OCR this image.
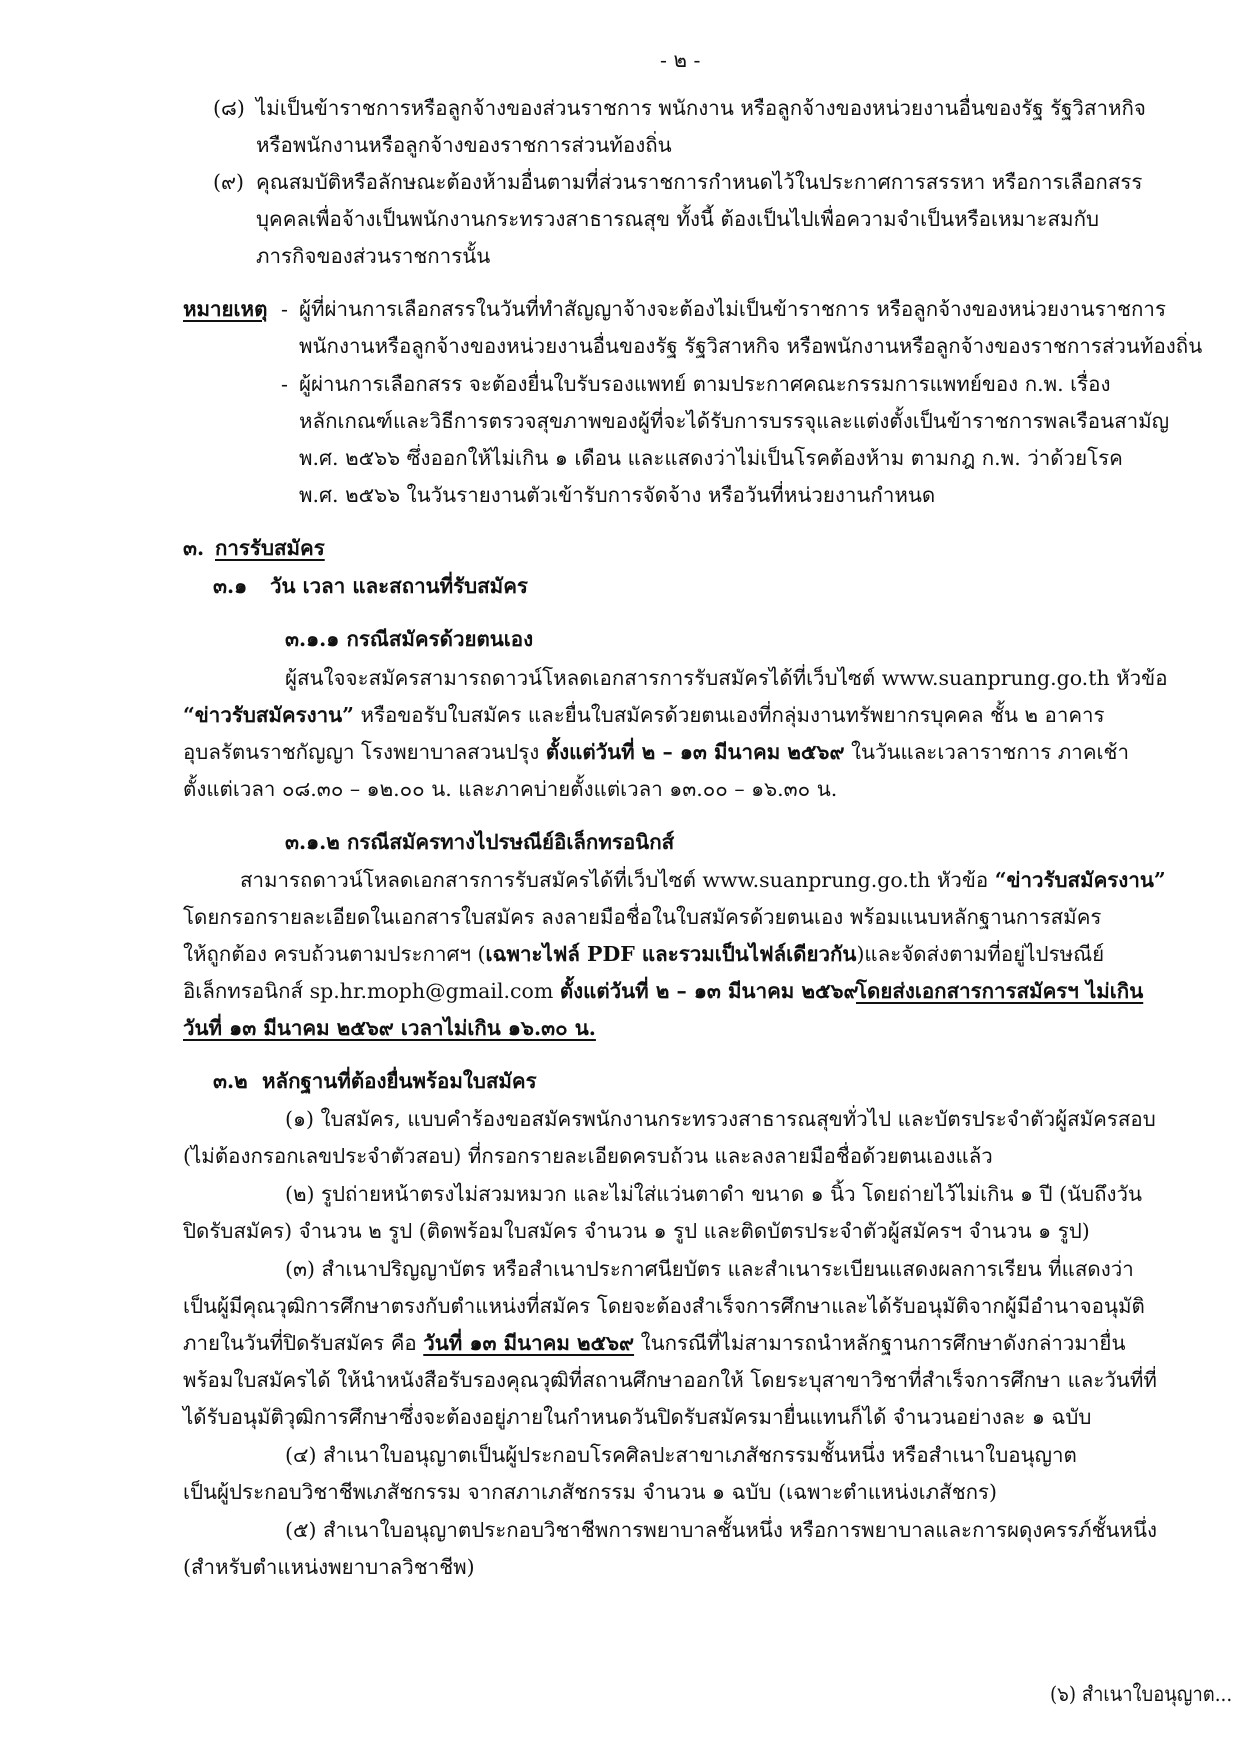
- ๒ -
(๘) ไม่เป็นข้าราชการหรือลูกจ้างของส่วนราชการ พนักงาน หรือลูกจ้างของหน่วยงานอื่นของรัฐ รัฐวิสาหกิจ
หรือพนักงานหรือลูกจ้างของราชการส่วนท้องถิ่น
(๙) คุณสมบัติหรือลักษณะต้องห้ามอื่นตามที่ส่วนราชการกำหนดไว้ในประกาศการสรรหา หรือการเลือกสรร
บุคคลเพื่อจ้างเป็นพนักงานกระทรวงสาธารณสุข ทั้งนี้ ต้องเป็นไปเพื่อความจำเป็นหรือเหมาะสมกับ
ภารกิจของส่วนราชการนั้น
หมายเหตุ - ผู้ที่ผ่านการเลือกสรรในวันที่ทำสัญญาจ้างจะต้องไม่เป็นข้าราชการ หรือลูกจ้างของหน่วยงานราชการ
พนักงานหรือลูกจ้างของหน่วยงานอื่นของรัฐ รัฐวิสาหกิจ หรือพนักงานหรือลูกจ้างของราชการส่วนท้องถิ่น
- ผู้ผ่านการเลือกสรร จะต้องยื่นใบรับรองแพทย์ ตามประกาศคณะกรรมการแพทย์ของ ก.พ. เรื่อง
หลักเกณฑ์และวิธีการตรวจสุขภาพของผู้ที่จะได้รับการบรรจุและแต่งตั้งเป็นข้าราชการพลเรือนสามัญ
พ.ศ. ๒๕๖๖ ซึ่งออกให้ไม่เกิน ๑ เดือน และแสดงว่าไม่เป็นโรคต้องห้าม ตามกฎ ก.พ. ว่าด้วยโรค
พ.ศ. ๒๕๖๖ ในวันรายงานตัวเข้ารับการจัดจ้าง หรือวันที่หน่วยงานกำหนด
๓. การรับสมัคร
๓.๑ วัน เวลา และสถานที่รับสมัคร
๓.๑.๑ กรณีสมัครด้วยตนเอง
ผู้สนใจจะสมัครสามารถดาวน์โหลดเอกสารการรับสมัครได้ที่เว็บไซต์ www.suanprung.go.th หัวข้อ
“ข่าวรับสมัครงาน” หรือขอรับใบสมัคร และยื่นใบสมัครด้วยตนเองที่กลุ่มงานทรัพยากรบุคคล ชั้น ๒ อาคาร
อุบลรัตนราชกัญญา โรงพยาบาลสวนปรุง ตั้งแต่วันที่ ๒ – ๑๓ มีนาคม ๒๕๖๙ ในวันและเวลาราชการ ภาคเช้า
ตั้งแต่เวลา ๐๘.๓๐ – ๑๒.๐๐ น. และภาคบ่ายตั้งแต่เวลา ๑๓.๐๐ – ๑๖.๓๐ น.
๓.๑.๒ กรณีสมัครทางไปรษณีย์อิเล็กทรอนิกส์
สามารถดาวน์โหลดเอกสารการรับสมัครได้ที่เว็บไซต์ www.suanprung.go.th หัวข้อ “ข่าวรับสมัครงาน”
โดยกรอกรายละเอียดในเอกสารใบสมัคร ลงลายมือชื่อในใบสมัครด้วยตนเอง พร้อมแนบหลักฐานการสมัคร
ให้ถูกต้อง ครบถ้วนตามประกาศฯ (เฉพาะไฟล์ PDF และรวมเป็นไฟล์เดียวกัน)และจัดส่งตามที่อยู่ไปรษณีย์
อิเล็กทรอนิกส์ sp.hr.moph@gmail.com ตั้งแต่วันที่ ๒ – ๑๓ มีนาคม ๒๕๖๙
โดยส่งเอกสารการสมัครฯ ไม่เกิน
วันที่ ๑๓ มีนาคม ๒๕๖๙ เวลาไม่เกิน ๑๖.๓๐ น.
๓.๒ หลักฐานที่ต้องยื่นพร้อมใบสมัคร
(๑) ใบสมัคร, แบบคำร้องขอสมัครพนักงานกระทรวงสาธารณสุขทั่วไป และบัตรประจำตัวผู้สมัครสอบ
(ไม่ต้องกรอกเลขประจำตัวสอบ) ที่กรอกรายละเอียดครบถ้วน และลงลายมือชื่อด้วยตนเองแล้ว
(๒) รูปถ่ายหน้าตรงไม่สวมหมวก และไม่ใส่แว่นตาดำ ขนาด ๑ นิ้ว โดยถ่ายไว้ไม่เกิน ๑ ปี (นับถึงวัน
ปิดรับสมัคร) จำนวน ๒ รูป (ติดพร้อมใบสมัคร จำนวน ๑ รูป และติดบัตรประจำตัวผู้สมัครฯ จำนวน ๑ รูป)
(๓) สำเนาปริญญาบัตร หรือสำเนาประกาศนียบัตร และสำเนาระเบียนแสดงผลการเรียน ที่แสดงว่า
เป็นผู้มีคุณวุฒิการศึกษาตรงกับตำแหน่งที่สมัคร โดยจะต้องสำเร็จการศึกษาและได้รับอนุมัติจากผู้มีอำนาจอนุมัติ
ภายในวันที่ปิดรับสมัคร คือ วันที่ ๑๓ มีนาคม ๒๕๖๙ ในกรณีที่ไม่สามารถนำหลักฐานการศึกษาดังกล่าวมายื่น
พร้อมใบสมัครได้ ให้นำหนังสือรับรองคุณวุฒิที่สถานศึกษาออกให้ โดยระบุสาขาวิชาที่สำเร็จการศึกษา และวันที่ที่
ได้รับอนุมัติวุฒิการศึกษาซึ่งจะต้องอยู่ภายในกำหนดวันปิดรับสมัครมายื่นแทนก็ได้ จำนวนอย่างละ ๑ ฉบับ
(๔) สำเนาใบอนุญาตเป็นผู้ประกอบโรคศิลปะสาขาเภสัชกรรมชั้นหนึ่ง หรือสำเนาใบอนุญาต
เป็นผู้ประกอบวิชาชีพเภสัชกรรม จากสภาเภสัชกรรม จำนวน ๑ ฉบับ (เฉพาะตำแหน่งเภสัชกร)
(๕) สำเนาใบอนุญาตประกอบวิชาชีพการพยาบาลชั้นหนึ่ง หรือการพยาบาลและการผดุงครรภ์ชั้นหนึ่ง
(สำหรับตำแหน่งพยาบาลวิชาชีพ)
(๖) สำเนาใบอนุญาต...
